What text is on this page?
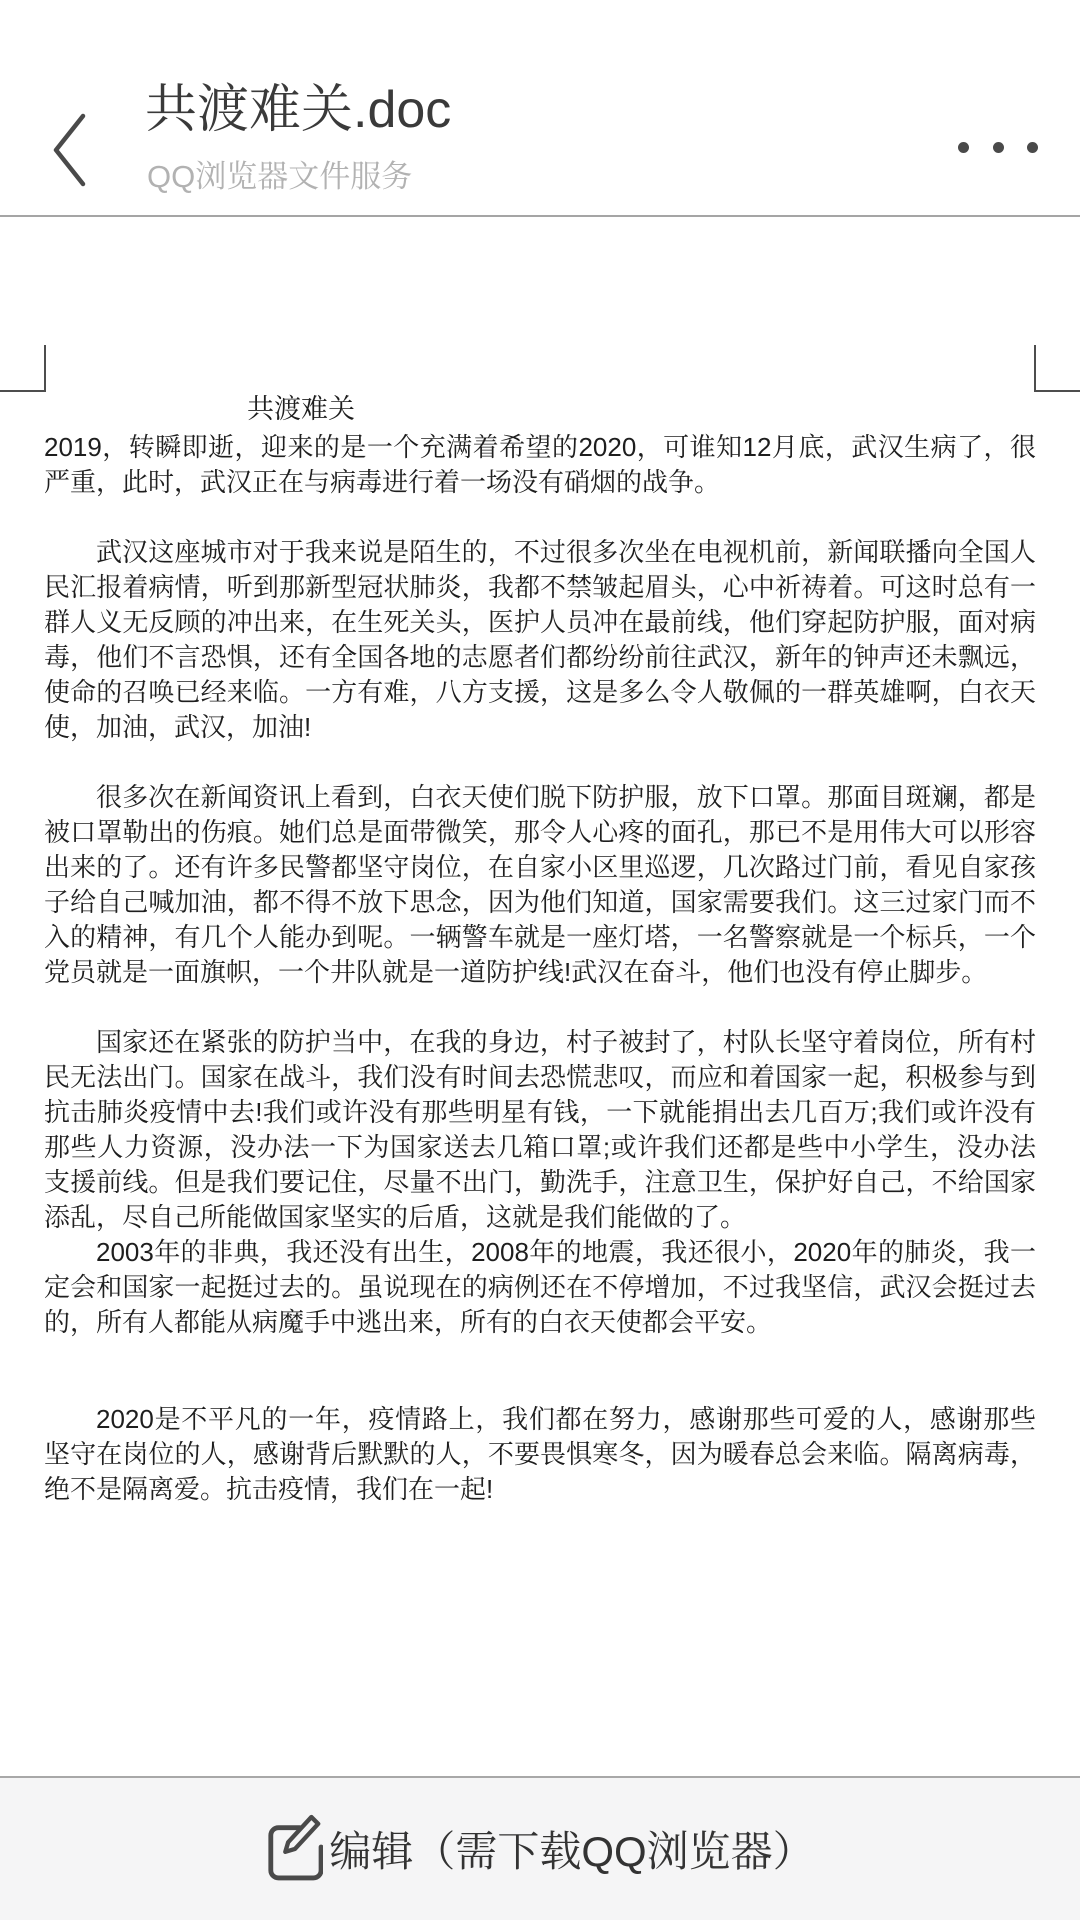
共渡难关.doc
QQ浏览器文件服务
共渡难关

2019，转瞬即逝，迎来的是一个充满着希望的2020，可谁知12月底，武汉生病了，很严重，此时，武汉正在与病毒进行着一场没有硝烟的战争。

武汉这座城市对于我来说是陌生的，不过很多次坐在电视机前，新闻联播向全国人民汇报着病情，听到那新型冠状肺炎，我都不禁皱起眉头，心中祈祷着。可这时总有一群人义无反顾的冲出来，在生死关头，医护人员冲在最前线，他们穿起防护服，面对病毒，他们不言恐惧，还有全国各地的志愿者们都纷纷前往武汉，新年的钟声还未飘远，使命的召唤已经来临。一方有难，八方支援，这是多么令人敬佩的一群英雄啊，白衣天使，加油，武汉，加油!

很多次在新闻资讯上看到，白衣天使们脱下防护服，放下口罩。那面目斑斓，都是被口罩勒出的伤痕。她们总是面带微笑，那令人心疼的面孔，那已不是用伟大可以形容出来的了。还有许多民警都坚守岗位，在自家小区里巡逻，几次路过门前，看见自家孩子给自己喊加油，都不得不放下思念，因为他们知道，国家需要我们。这三过家门而不入的精神，有几个人能办到呢。一辆警车就是一座灯塔，一名警察就是一个标兵，一个党员就是一面旗帜，一个井队就是一道防护线!武汉在奋斗，他们也没有停止脚步。

国家还在紧张的防护当中，在我的身边，村子被封了，村队长坚守着岗位，所有村民无法出门。国家在战斗，我们没有时间去恐慌悲叹，而应和着国家一起，积极参与到抗击肺炎疫情中去!我们或许没有那些明星有钱，一下就能捐出去几百万;我们或许没有那些人力资源，没办法一下为国家送去几箱口罩;或许我们还都是些中小学生，没办法支援前线。但是我们要记住，尽量不出门，勤洗手，注意卫生，保护好自己，不给国家添乱，尽自己所能做国家坚实的后盾，这就是我们能做的了。

2003年的非典，我还没有出生，2008年的地震，我还很小，2020年的肺炎，我一定会和国家一起挺过去的。虽说现在的病例还在不停增加，不过我坚信，武汉会挺过去的，所有人都能从病魔手中逃出来，所有的白衣天使都会平安。

2020是不平凡的一年，疫情路上，我们都在努力，感谢那些可爱的人，感谢那些坚守在岗位的人，感谢背后默默的人，不要畏惧寒冬，因为暖春总会来临。隔离病毒，绝不是隔离爱。抗击疫情，我们在一起!

编辑（需下载QQ浏览器）
